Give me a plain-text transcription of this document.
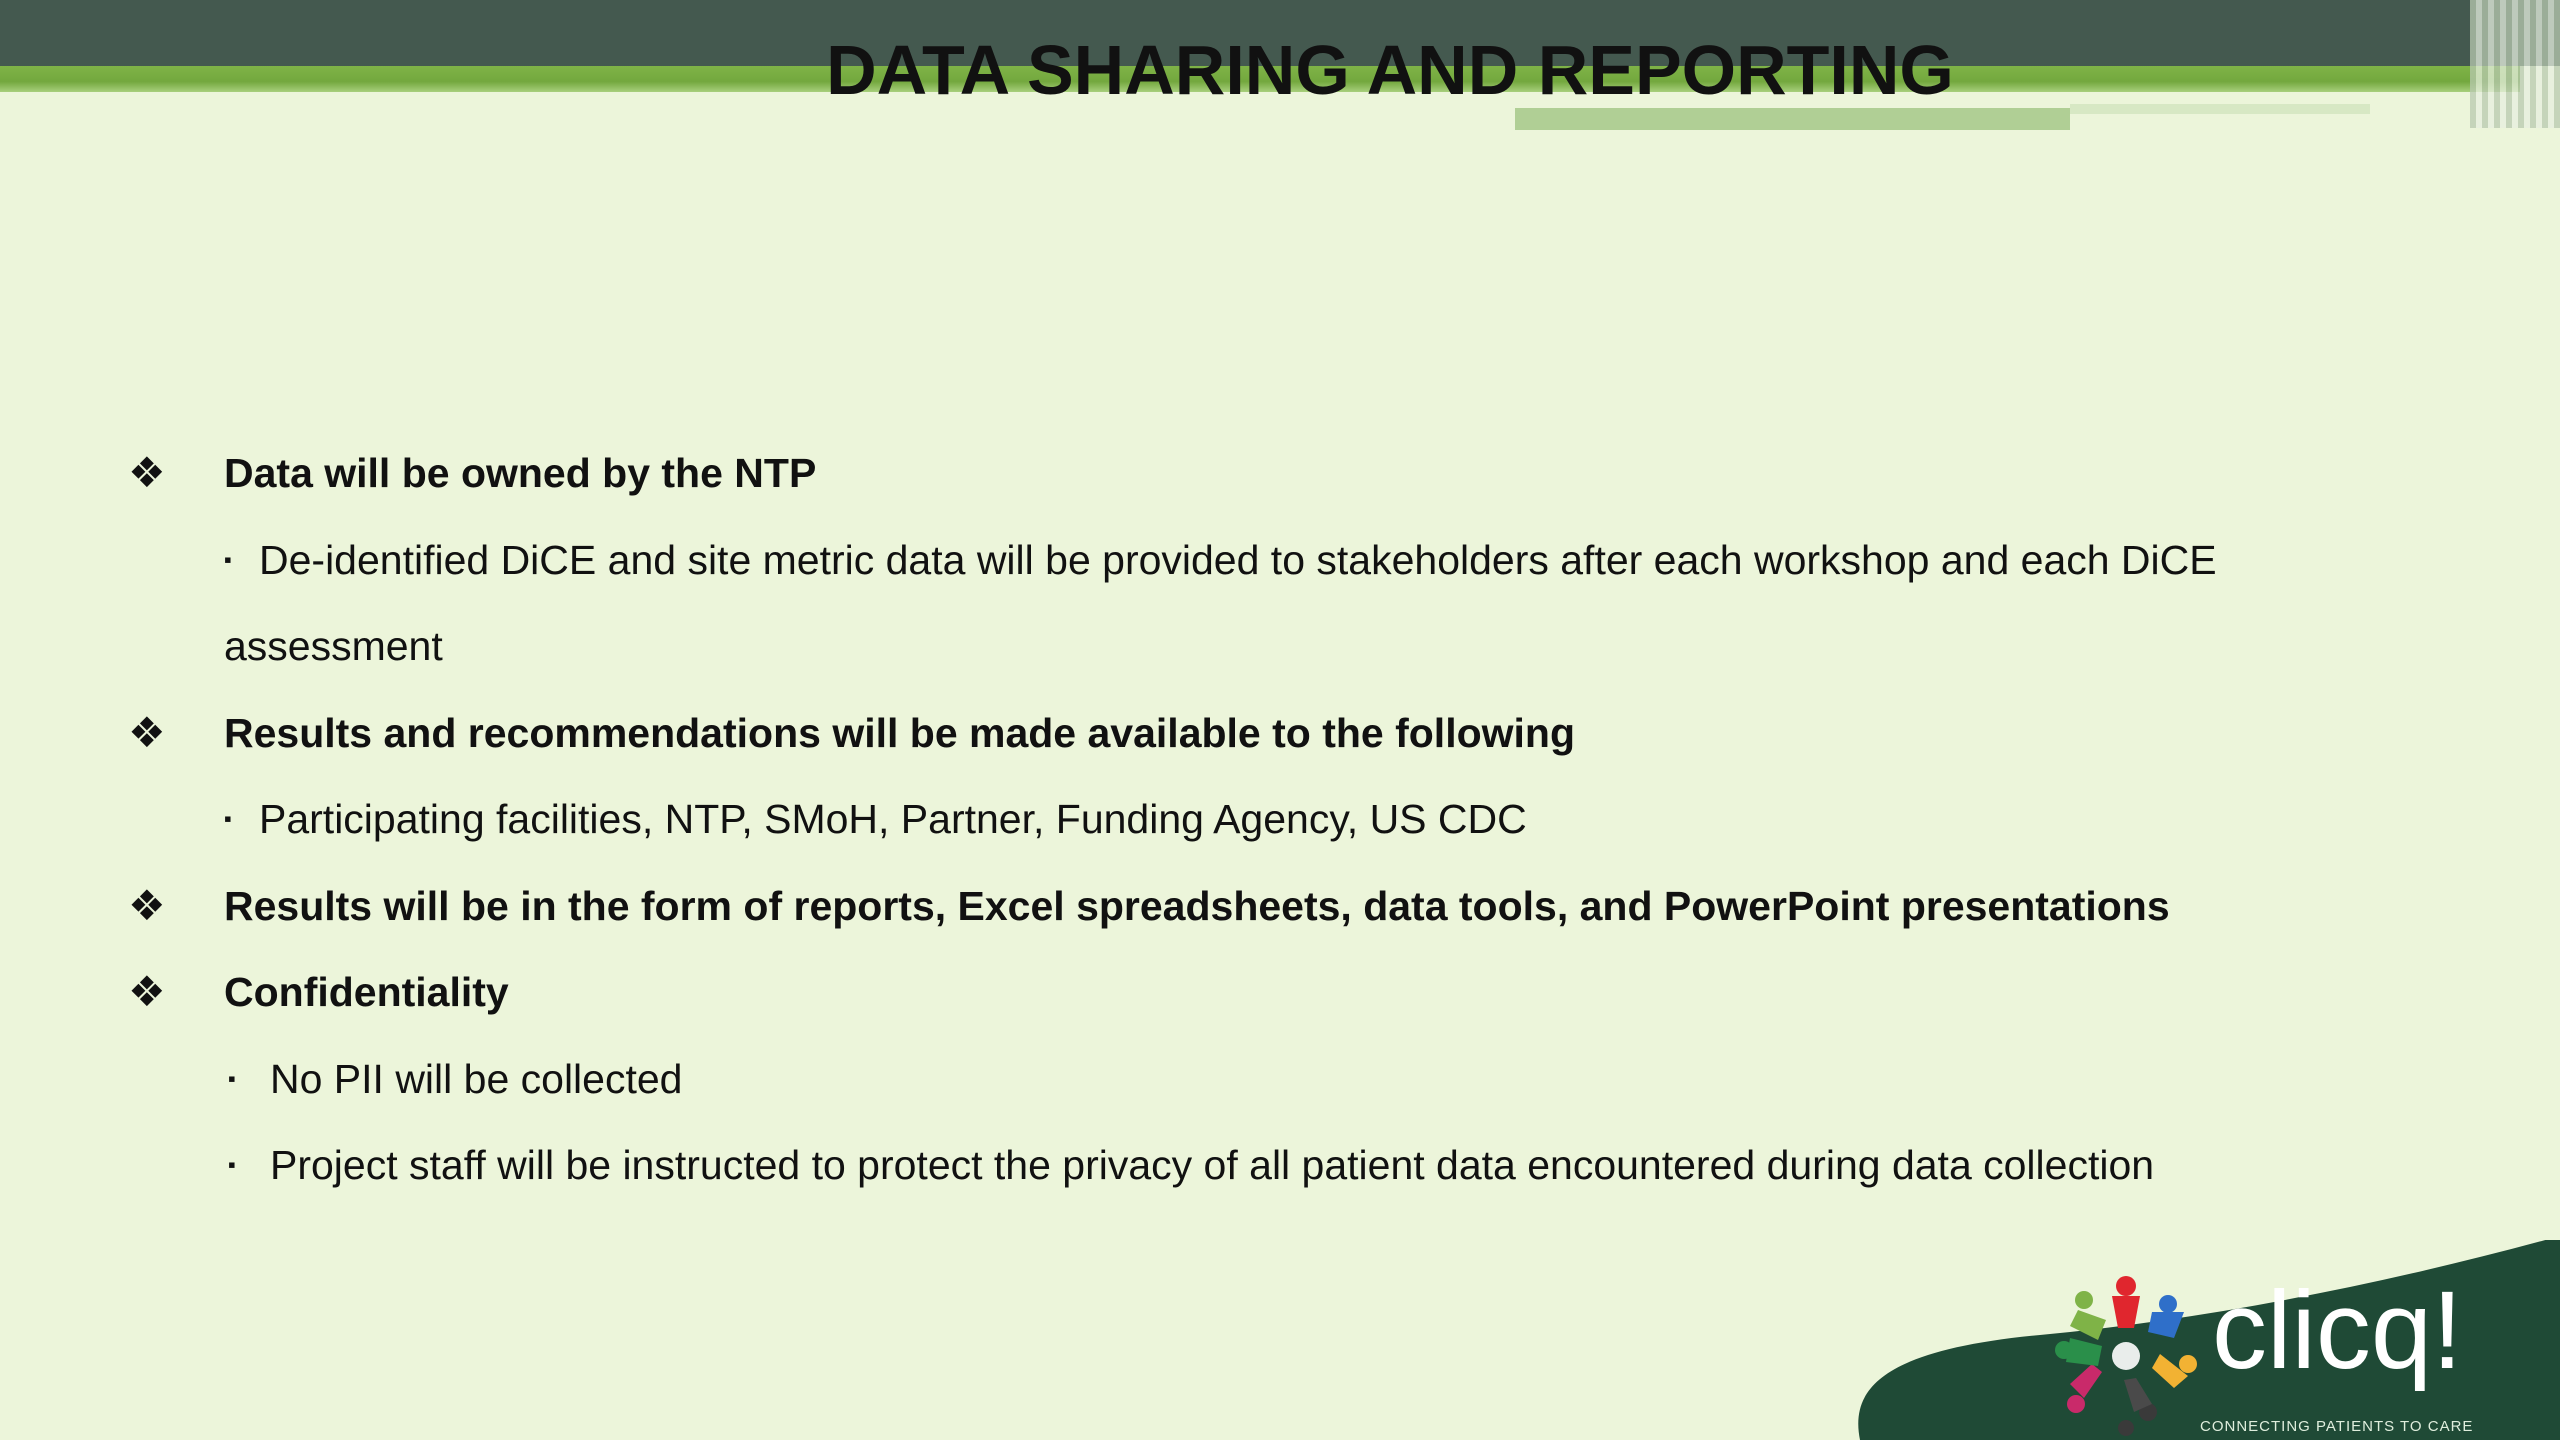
DATA SHARING AND REPORTING
❖ Data will be owned by the NTP
▪ De-identified DiCE and site metric data will be provided to stakeholders after each workshop and each DiCE
assessment
❖ Results and recommendations will be made available to the following
▪ Participating facilities, NTP, SMoH, Partner, Funding Agency, US CDC
❖ Results will be in the form of reports, Excel spreadsheets, data tools, and PowerPoint presentations
❖ Confidentiality
▪ No PII will be collected
▪ Project staff will be instructed to protect the privacy of all patient data encountered during data collection
clicq!
CONNECTING PATIENTS TO CARE
